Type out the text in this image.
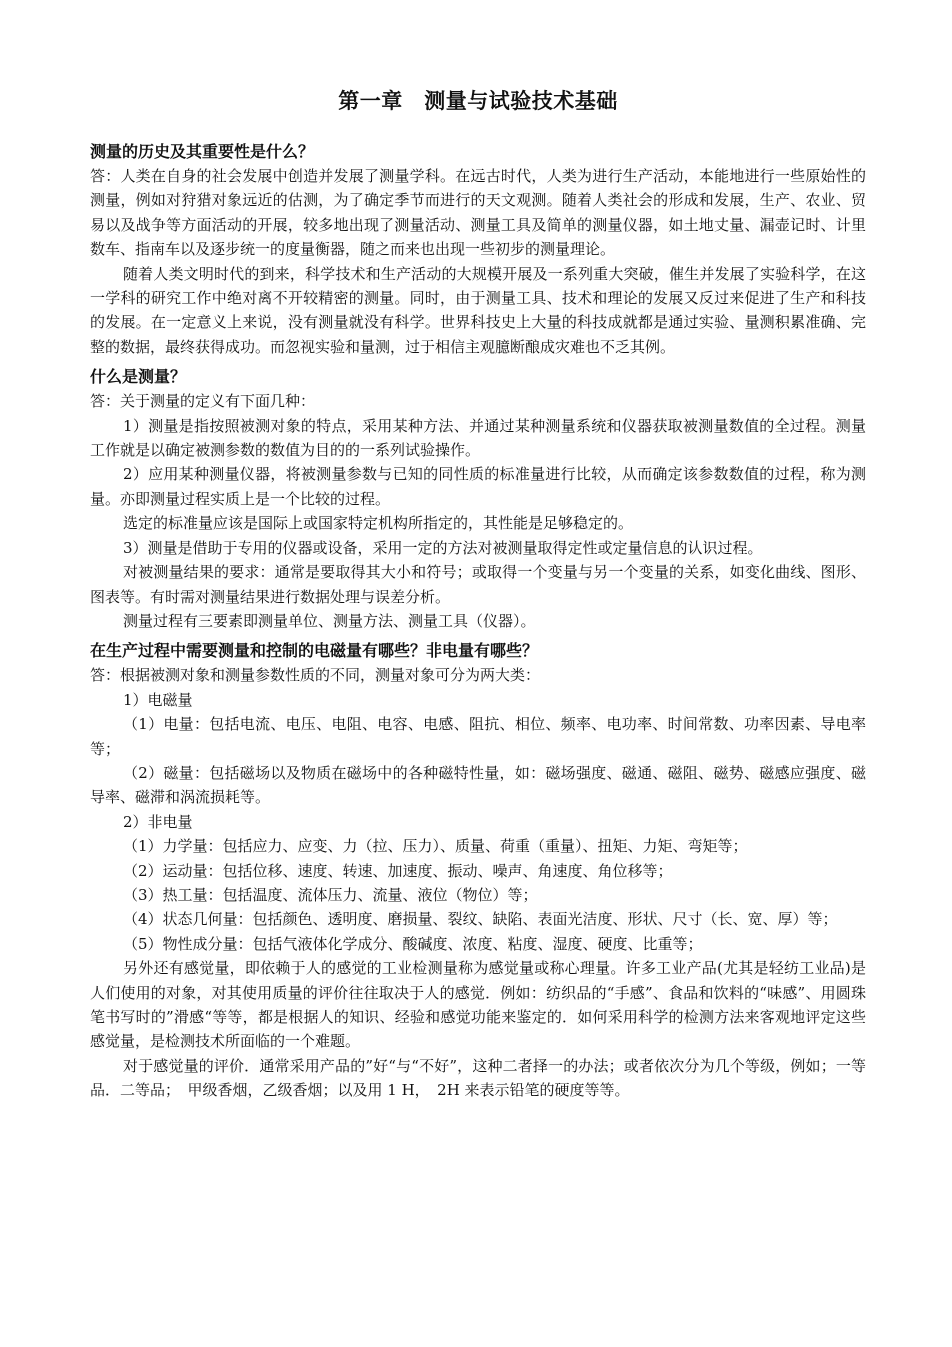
第一章　测量与试验技术基础
测量的历史及其重要性是什么？

答：人类在自身的社会发展中创造并发展了测量学科。在远古时代，人类为进行生产活动，本能地进行一些原始性的测量，例如对狩猎对象远近的估测，为了确定季节而进行的天文观测。随着人类社会的形成和发展，生产、农业、贸易以及战争等方面活动的开展，较多地出现了测量活动、测量工具及简单的测量仪器，如土地丈量、漏壶记时、计里数车、指南车以及逐步统一的度量衡器，随之而来也出现一些初步的测量理论。

随着人类文明时代的到来，科学技术和生产活动的大规模开展及一系列重大突破，催生并发展了实验科学，在这一学科的研究工作中绝对离不开较精密的测量。同时，由于测量工具、技术和理论的发展又反过来促进了生产和科技的发展。在一定意义上来说，没有测量就没有科学。世界科技史上大量的科技成就都是通过实验、量测积累准确、完整的数据，最终获得成功。而忽视实验和量测，过于相信主观臆断酿成灾难也不乏其例。

什么是测量？

答：关于测量的定义有下面几种：

1）测量是指按照被测对象的特点，采用某种方法、并通过某种测量系统和仪器获取被测量数值的全过程。测量工作就是以确定被测参数的数值为目的的一系列试验操作。

2）应用某种测量仪器，将被测量参数与已知的同性质的标准量进行比较，从而确定该参数数值的过程，称为测量。亦即测量过程实质上是一个比较的过程。

选定的标准量应该是国际上或国家特定机构所指定的，其性能是足够稳定的。

3）测量是借助于专用的仪器或设备，采用一定的方法对被测量取得定性或定量信息的认识过程。

对被测量结果的要求：通常是要取得其大小和符号；或取得一个变量与另一个变量的关系，如变化曲线、图形、图表等。有时需对测量结果进行数据处理与误差分析。

测量过程有三要素即测量单位、测量方法、测量工具（仪器）。

在生产过程中需要测量和控制的电磁量有哪些？非电量有哪些？

答：根据被测对象和测量参数性质的不同，测量对象可分为两大类：

1）电磁量

（1）电量：包括电流、电压、电阻、电容、电感、阻抗、相位、频率、电功率、时间常数、功率因素、导电率等；

（2）磁量：包括磁场以及物质在磁场中的各种磁特性量，如：磁场强度、磁通、磁阻、磁势、磁感应强度、磁导率、磁滞和涡流损耗等。

2）非电量

（1）力学量：包括应力、应变、力（拉、压力）、质量、荷重（重量）、扭矩、力矩、弯矩等；

（2）运动量：包括位移、速度、转速、加速度、振动、噪声、角速度、角位移等；

（3）热工量：包括温度、流体压力、流量、液位（物位）等；

（4）状态几何量：包括颜色、透明度、磨损量、裂纹、缺陷、表面光洁度、形状、尺寸（长、宽、厚）等；

（5）物性成分量：包括气液体化学成分、酸碱度、浓度、粘度、湿度、硬度、比重等；

另外还有感觉量，即依赖于人的感觉的工业检测量称为感觉量或称心理量。许多工业产品(尤其是轻纺工业品)是人们使用的对象，对其使用质量的评价往往取决于人的感觉．例如：纺织品的“手感”、食品和饮料的“味感”、用圆珠笔书写时的”滑感“等等，都是根据人的知识、经验和感觉功能来鉴定的．如何采用科学的检测方法来客观地评定这些感觉量，是检测技术所面临的一个难题。

对于感觉量的评价．通常采用产品的”好“与“不好”，这种二者择一的办法；或者依次分为几个等级，例如；一等品．二等品；　甲级香烟，乙级香烟；以及用 1 H，　2H 来表示铅笔的硬度等等。
